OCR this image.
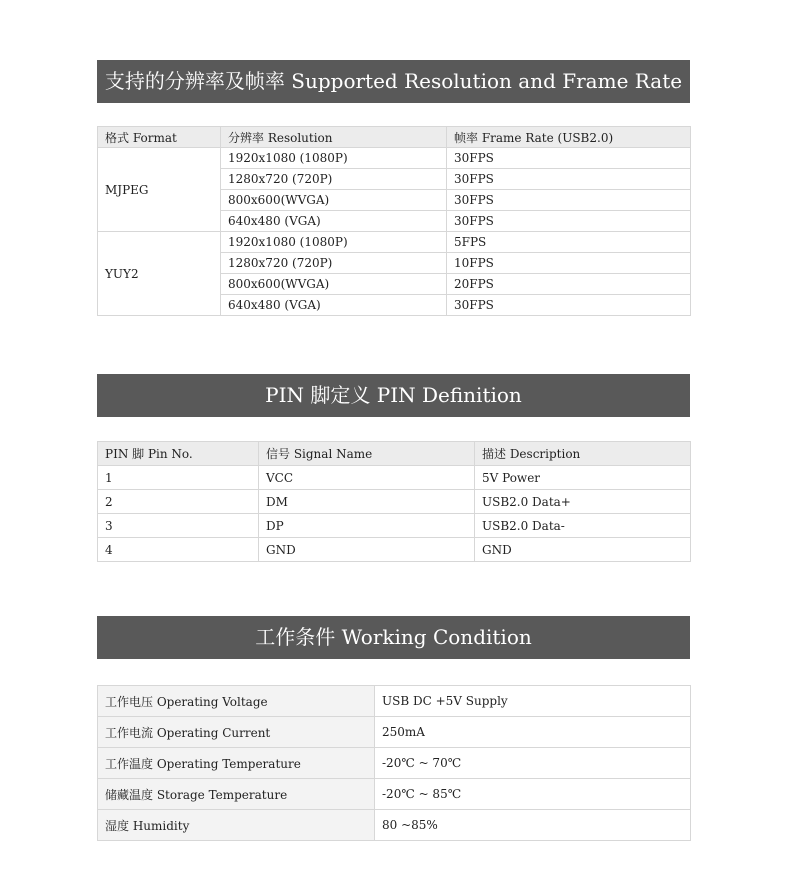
支持的分辨率及帧率 Supported Resolution and Frame Rate
格式 Format	分辨率 Resolution	帧率 Frame Rate (USB2.0)
MJPEG	1920x1080 (1080P)	30FPS
	1280x720 (720P)	30FPS
	800x600(WVGA)	30FPS
	640x480 (VGA)	30FPS
YUY2	1920x1080 (1080P)	5FPS
	1280x720 (720P)	10FPS
	800x600(WVGA)	20FPS
	640x480 (VGA)	30FPS
PIN 脚定义 PIN Definition
PIN 脚 Pin No.	信号 Signal Name	描述 Description
1	VCC	5V Power
2	DM	USB2.0 Data+
3	DP	USB2.0 Data-
4	GND	GND
工作条件 Working Condition
工作电压 Operating Voltage	USB DC +5V Supply
工作电流 Operating Current	250mA
工作温度 Operating Temperature	-20℃ ~ 70℃
储藏温度 Storage Temperature	-20℃ ~ 85℃
湿度 Humidity	80 ~85%
